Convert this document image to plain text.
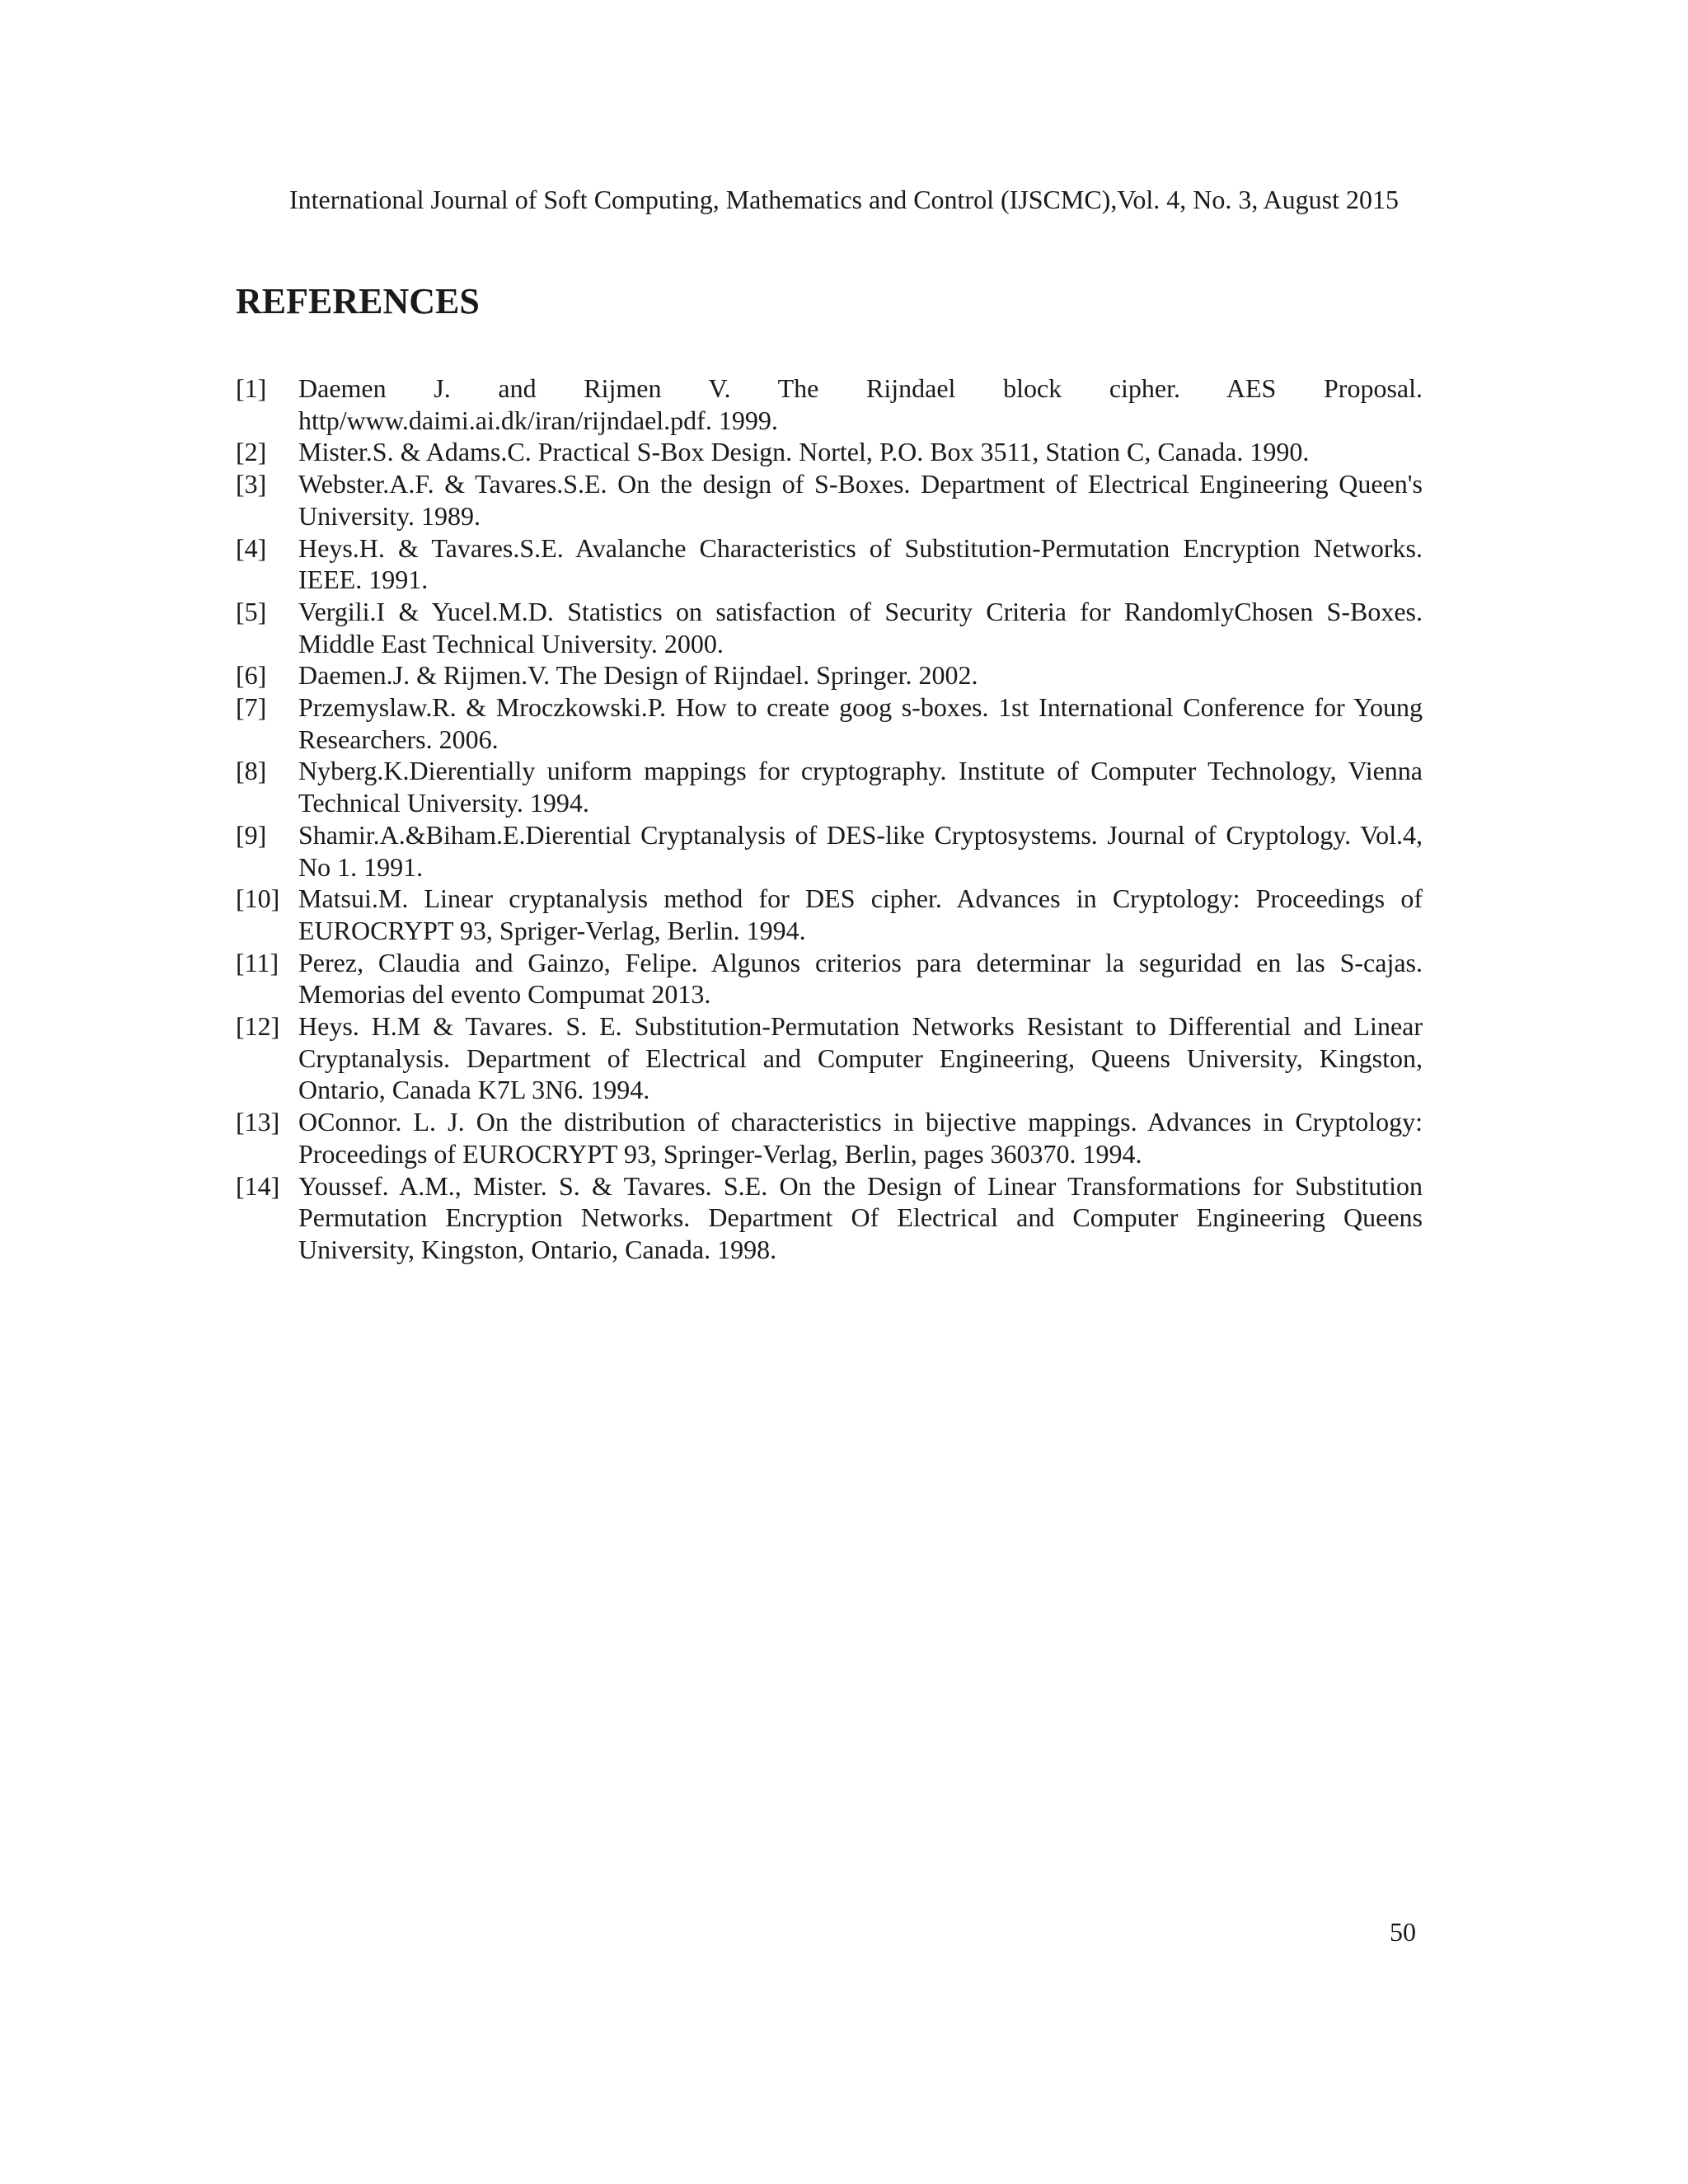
International Journal of Soft Computing, Mathematics and Control (IJSCMC),Vol. 4, No. 3, August 2015
REFERENCES
[1]	Daemen J. and Rijmen V. The Rijndael block cipher. AES Proposal. http/www.daimi.ai.dk/iran/rijndael.pdf. 1999.
[2]	Mister.S. & Adams.C. Practical S-Box Design. Nortel, P.O. Box 3511, Station C, Canada. 1990.
[3]	Webster.A.F. & Tavares.S.E. On the design of S-Boxes. Department of Electrical Engineering Queen's University. 1989.
[4]	Heys.H. & Tavares.S.E. Avalanche Characteristics of Substitution-Permutation Encryption Networks. IEEE. 1991.
[5]	Vergili.I & Yucel.M.D. Statistics on satisfaction of Security Criteria for RandomlyChosen S-Boxes. Middle East Technical University. 2000.
[6]	Daemen.J. & Rijmen.V. The Design of Rijndael. Springer. 2002.
[7]	Przemyslaw.R. & Mroczkowski.P. How to create goog s-boxes. 1st International Conference for Young Researchers. 2006.
[8]	Nyberg.K.Dierentially uniform mappings for cryptography. Institute of Computer Technology, Vienna Technical University. 1994.
[9]	Shamir.A.&Biham.E.Dierential Cryptanalysis of DES-like Cryptosystems. Journal of Cryptology. Vol.4, No 1. 1991.
[10] Matsui.M. Linear cryptanalysis method for DES cipher. Advances in Cryptology: Proceedings of EUROCRYPT 93, Spriger-Verlag, Berlin. 1994.
[11] Perez, Claudia and Gainzo, Felipe. Algunos criterios para determinar la seguridad en las S-cajas. Memorias del evento Compumat 2013.
[12] Heys. H.M & Tavares. S. E. Substitution-Permutation Networks Resistant to Differential and Linear Cryptanalysis. Department of Electrical and Computer Engineering, Queens University, Kingston, Ontario, Canada K7L 3N6. 1994.
[13] OConnor. L. J. On the distribution of characteristics in bijective mappings. Advances in Cryptology: Proceedings of EUROCRYPT 93, Springer-Verlag, Berlin, pages 360370. 1994.
[14] Youssef. A.M., Mister. S. & Tavares. S.E. On the Design of Linear Transformations for Substitution Permutation Encryption Networks. Department Of Electrical and Computer Engineering Queens University, Kingston, Ontario, Canada. 1998.
50
